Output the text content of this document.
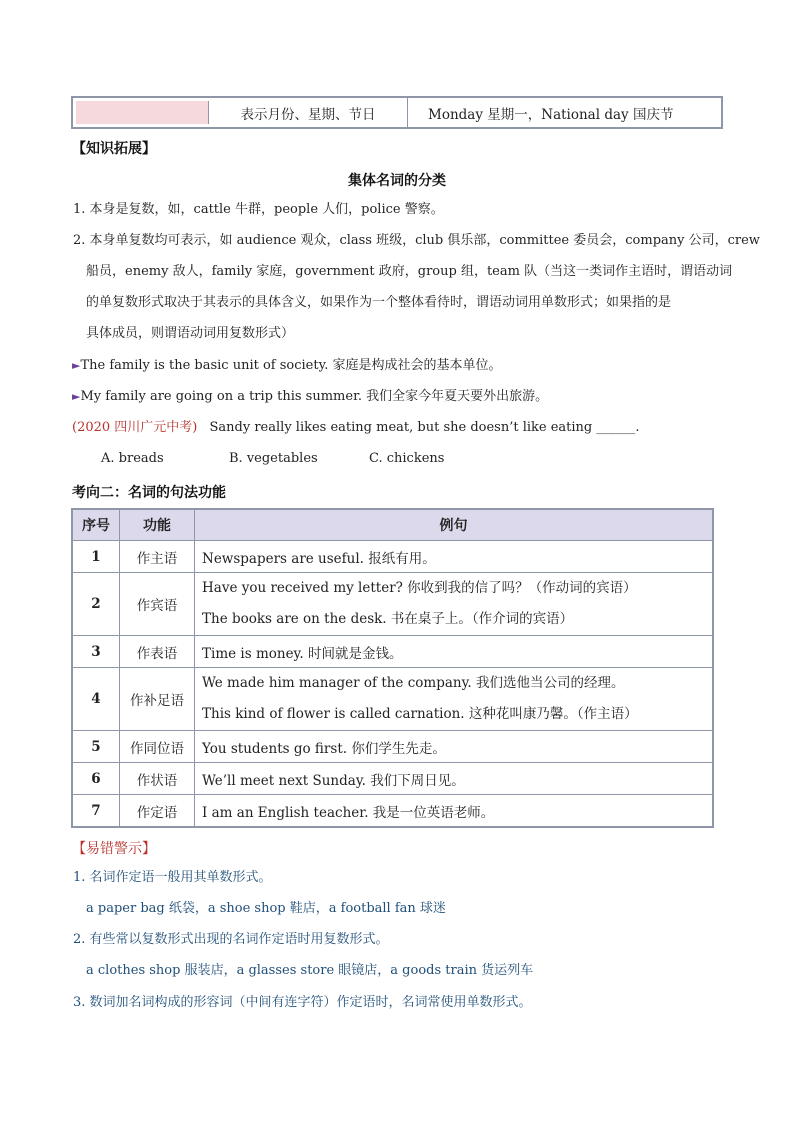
表示月份、星期、节日	Monday 星期一，National day 国庆节
【知识拓展】
集体名词的分类
1. 本身是复数，如，cattle 牛群，people 人们，police 警察。
2. 本身单复数均可表示，如 audience 观众，class 班级，club 俱乐部，committee 委员会，company 公司，crew
船员，enemy 敌人，family 家庭，government 政府，group 组，team 队（当这一类词作主语时，谓语动词
的单复数形式取决于其表示的具体含义，如果作为一个整体看待时，谓语动词用单数形式；如果指的是
具体成员，则谓语动词用复数形式）
►The family is the basic unit of society. 家庭是构成社会的基本单位。
►My family are going on a trip this summer. 我们全家今年夏天要外出旅游。
(2020 四川广元中考) Sandy really likes eating meat, but she doesn’t like eating ______.
A. breads	B. vegetables	C. chickens
考向二：名词的句法功能
序号	功能	例句
1	作主语	Newspapers are useful. 报纸有用。
2	作宾语	Have you received my letter? 你收到我的信了吗？（作动词的宾语）
The books are on the desk. 书在桌子上。（作介词的宾语）

3	作表语	Time is money. 时间就是金钱。
4	作补足语	We made him manager of the company. 我们选他当公司的经理。
This kind of flower is called carnation. 这种花叫康乃馨。（作主语）

5	作同位语	You students go first. 你们学生先走。
6	作状语	We’ll meet next Sunday. 我们下周日见。
7	作定语	I am an English teacher. 我是一位英语老师。
【易错警示】
1. 名词作定语一般用其单数形式。
a paper bag 纸袋，a shoe shop 鞋店，a football fan 球迷
2. 有些常以复数形式出现的名词作定语时用复数形式。
a clothes shop 服装店，a glasses store 眼镜店，a goods train 货运列车
3. 数词加名词构成的形容词（中间有连字符）作定语时，名词常使用单数形式。
